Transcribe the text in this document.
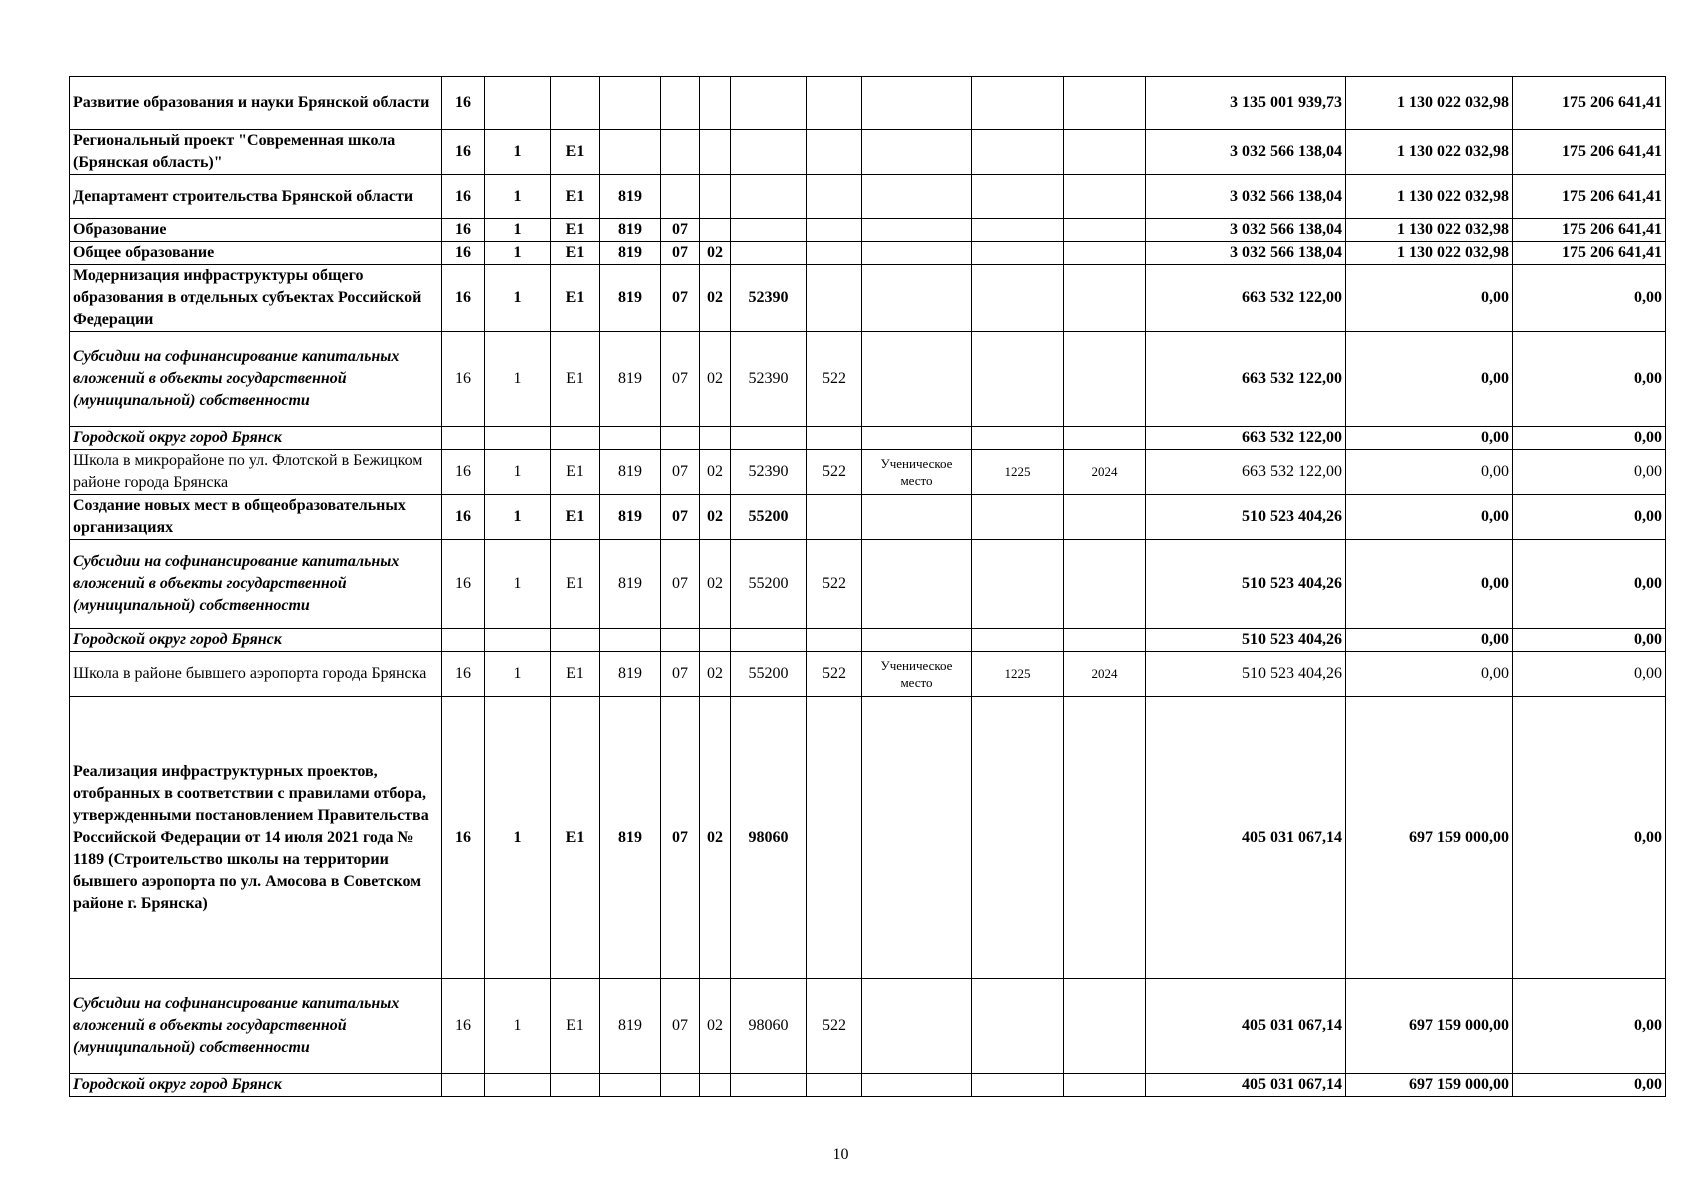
Развитие образования и науки Брянской области	16											3 135 001 939,73	1 130 022 032,98	175 206 641,41
Региональный проект "Современная школа (Брянская область)"	16	1	E1									3 032 566 138,04	1 130 022 032,98	175 206 641,41
Департамент строительства Брянской области	16	1	E1	819								3 032 566 138,04	1 130 022 032,98	175 206 641,41
Образование	16	1	E1	819	07							3 032 566 138,04	1 130 022 032,98	175 206 641,41
Общее образование	16	1	E1	819	07	02						3 032 566 138,04	1 130 022 032,98	175 206 641,41
Модернизация инфраструктуры общего образования в отдельных субъектах Российской Федерации	16	1	E1	819	07	02	52390					663 532 122,00	0,00	0,00
Субсидии на софинансирование капитальных вложений в объекты государственной (муниципальной) собственности	16	1	E1	819	07	02	52390	522				663 532 122,00	0,00	0,00
Городской округ город Брянск												663 532 122,00	0,00	0,00
Школа в микрорайоне по ул. Флотской в Бежицком районе города Брянска	16	1	E1	819	07	02	52390	522	Ученическое место	1225	2024	663 532 122,00	0,00	0,00
Создание новых мест в общеобразовательных организациях	16	1	E1	819	07	02	55200					510 523 404,26	0,00	0,00
Субсидии на софинансирование капитальных вложений в объекты государственной (муниципальной) собственности	16	1	E1	819	07	02	55200	522				510 523 404,26	0,00	0,00
Городской округ город Брянск												510 523 404,26	0,00	0,00
Школа в районе бывшего аэропорта города Брянска	16	1	E1	819	07	02	55200	522	Ученическое место	1225	2024	510 523 404,26	0,00	0,00
Реализация инфраструктурных проектов, отобранных в соответствии с правилами отбора, утвержденными постановлением Правительства Российской Федерации от 14 июля 2021 года № 1189 (Строительство школы на территории бывшего аэропорта по ул. Амосова в Советском районе г. Брянска)	16	1	E1	819	07	02	98060					405 031 067,14	697 159 000,00	0,00
Субсидии на софинансирование капитальных вложений в объекты государственной (муниципальной) собственности	16	1	E1	819	07	02	98060	522				405 031 067,14	697 159 000,00	0,00
Городской округ город Брянск												405 031 067,14	697 159 000,00	0,00
10
